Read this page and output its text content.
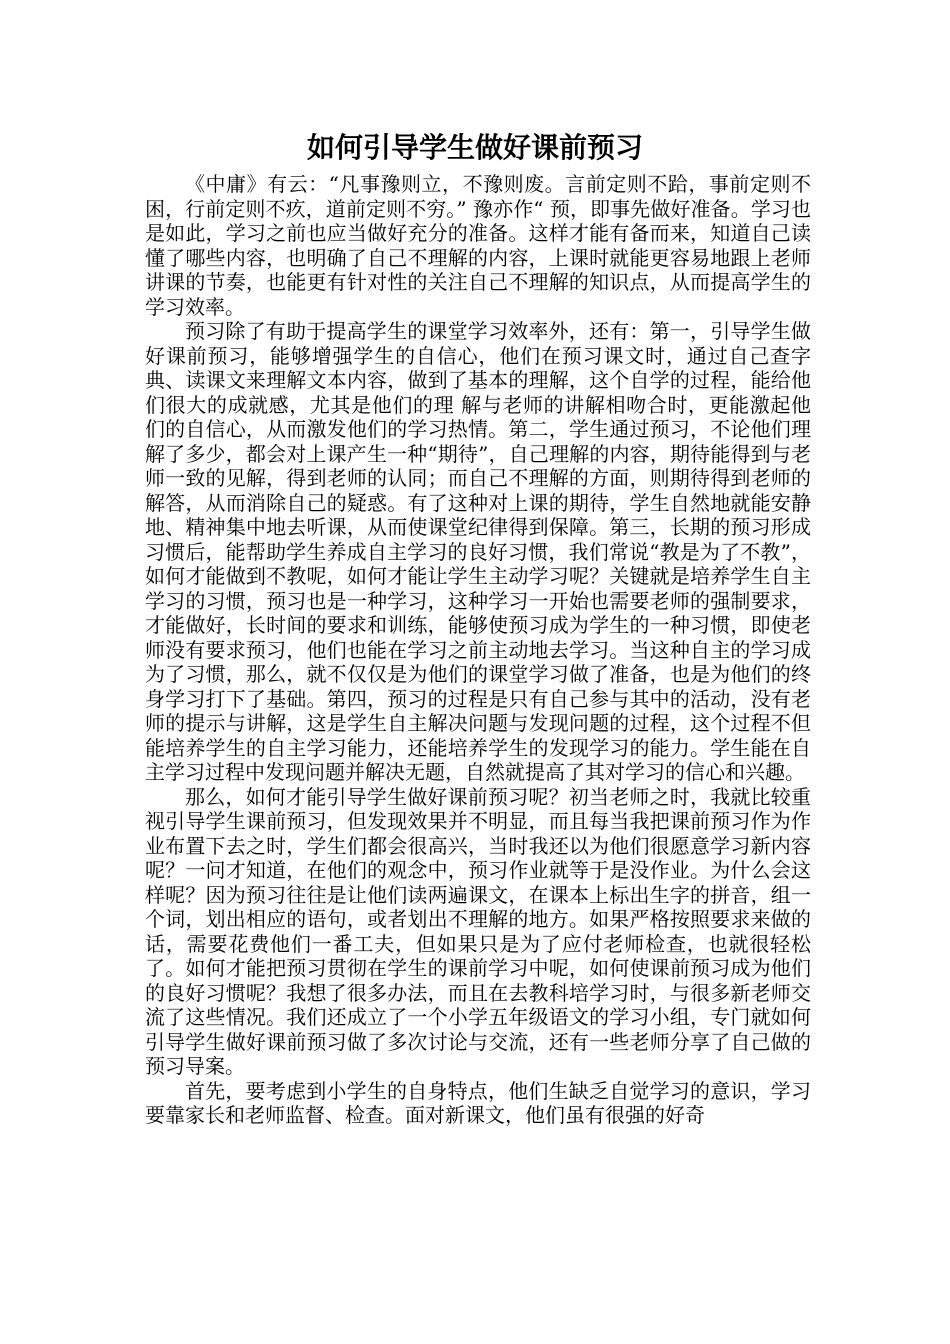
如何引导学生做好课前预习

《中庸》有云：“凡事豫则立，不豫则废。言前定则不跲，事前定则不困，行前定则不疚，道前定则不穷。” 豫亦作“ 预，即事先做好准备。学习也是如此，学习之前也应当做好充分的准备。这样才能有备而来，知道自己读懂了哪些内容，也明确了自己不理解的内容，上课时就能更容易地跟上老师讲课的节奏，也能更有针对性的关注自己不理解的知识点，从而提高学生的学习效率。

预习除了有助于提高学生的课堂学习效率外，还有：第一，引导学生做好课前预习，能够增强学生的自信心，他们在预习课文时，通过自己查字典、读课文来理解文本内容，做到了基本的理解，这个自学的过程，能给他们很大的成就感，尤其是他们的理 解与老师的讲解相吻合时，更能激起他们的自信心，从而激发他们的学习热情。第二，学生通过预习，不论他们理解了多少，都会对上课产生一种“期待”，自己理解的内容，期待能得到与老师一致的见解，得到老师的认同；而自己不理解的方面，则期待得到老师的解答，从而消除自己的疑惑。有了这种对上课的期待，学生自然地就能安静地、精神集中地去听课，从而使课堂纪律得到保障。第三，长期的预习形成习惯后，能帮助学生养成自主学习的良好习惯，我们常说“教是为了不教”，如何才能做到不教呢，如何才能让学生主动学习呢？关键就是培养学生自主学习的习惯，预习也是一种学习，这种学习一开始也需要老师的强制要求，才能做好，长时间的要求和训练，能够使预习成为学生的一种习惯，即使老师没有要求预习，他们也能在学习之前主动地去学习。当这种自主的学习成为了习惯，那么，就不仅仅是为他们的课堂学习做了准备，也是为他们的终身学习打下了基础。第四，预习的过程是只有自己参与其中的活动，没有老师的提示与讲解，这是学生自主解决问题与发现问题的过程，这个过程不但能培养学生的自主学习能力，还能培养学生的发现学习的能力。学生能在自主学习过程中发现问题并解决无题，自然就提高了其对学习的信心和兴趣。

那么，如何才能引导学生做好课前预习呢？初当老师之时，我就比较重视引导学生课前预习，但发现效果并不明显，而且每当我把课前预习作为作业布置下去之时，学生们都会很高兴，当时我还以为他们很愿意学习新内容呢？一问才知道，在他们的观念中，预习作业就等于是没作业。为什么会这样呢？因为预习往往是让他们读两遍课文，在课本上标出生字的拼音，组一个词，划出相应的语句，或者划出不理解的地方。如果严格按照要求来做的话，需要花费他们一番工夫，但如果只是为了应付老师检查，也就很轻松了。如何才能把预习贯彻在学生的课前学习中呢，如何使课前预习成为他们的良好习惯呢？我想了很多办法，而且在去教科培学习时，与很多新老师交流了这些情况。我们还成立了一个小学五年级语文的学习小组，专门就如何引导学生做好课前预习做了多次讨论与交流，还有一些老师分享了自己做的预习导案。

首先，要考虑到小学生的自身特点，他们生缺乏自觉学习的意识，学习要靠家长和老师监督、检查。面对新课文，他们虽有很强的好奇
